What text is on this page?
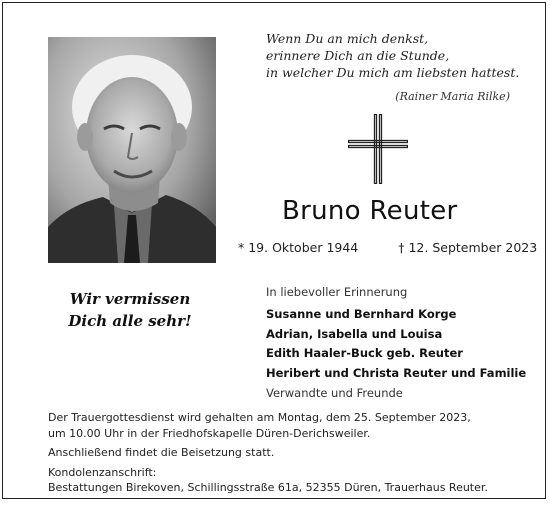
Wenn Du an mich denkst,
erinnere Dich an die Stunde,
in welcher Du mich am liebsten hattest.
(Rainer Maria Rilke)
Bruno Reuter
* 19. Oktober 1944	† 12. September 2023
Wir vermissen
Dich alle sehr!
In liebevoller Erinnerung
Susanne und Bernhard Korge
Adrian, Isabella und Louisa
Edith Haaler-Buck geb. Reuter
Heribert und Christa Reuter und Familie
Verwandte und Freunde
Der Trauergottesdienst wird gehalten am Montag, dem 25. September 2023,
um 10.00 Uhr in der Friedhofskapelle Düren-Derichsweiler.
Anschließend findet die Beisetzung statt.
Kondolenzanschrift:
Bestattungen Birekoven, Schillingsstraße 61a, 52355 Düren, Trauerhaus Reuter.
